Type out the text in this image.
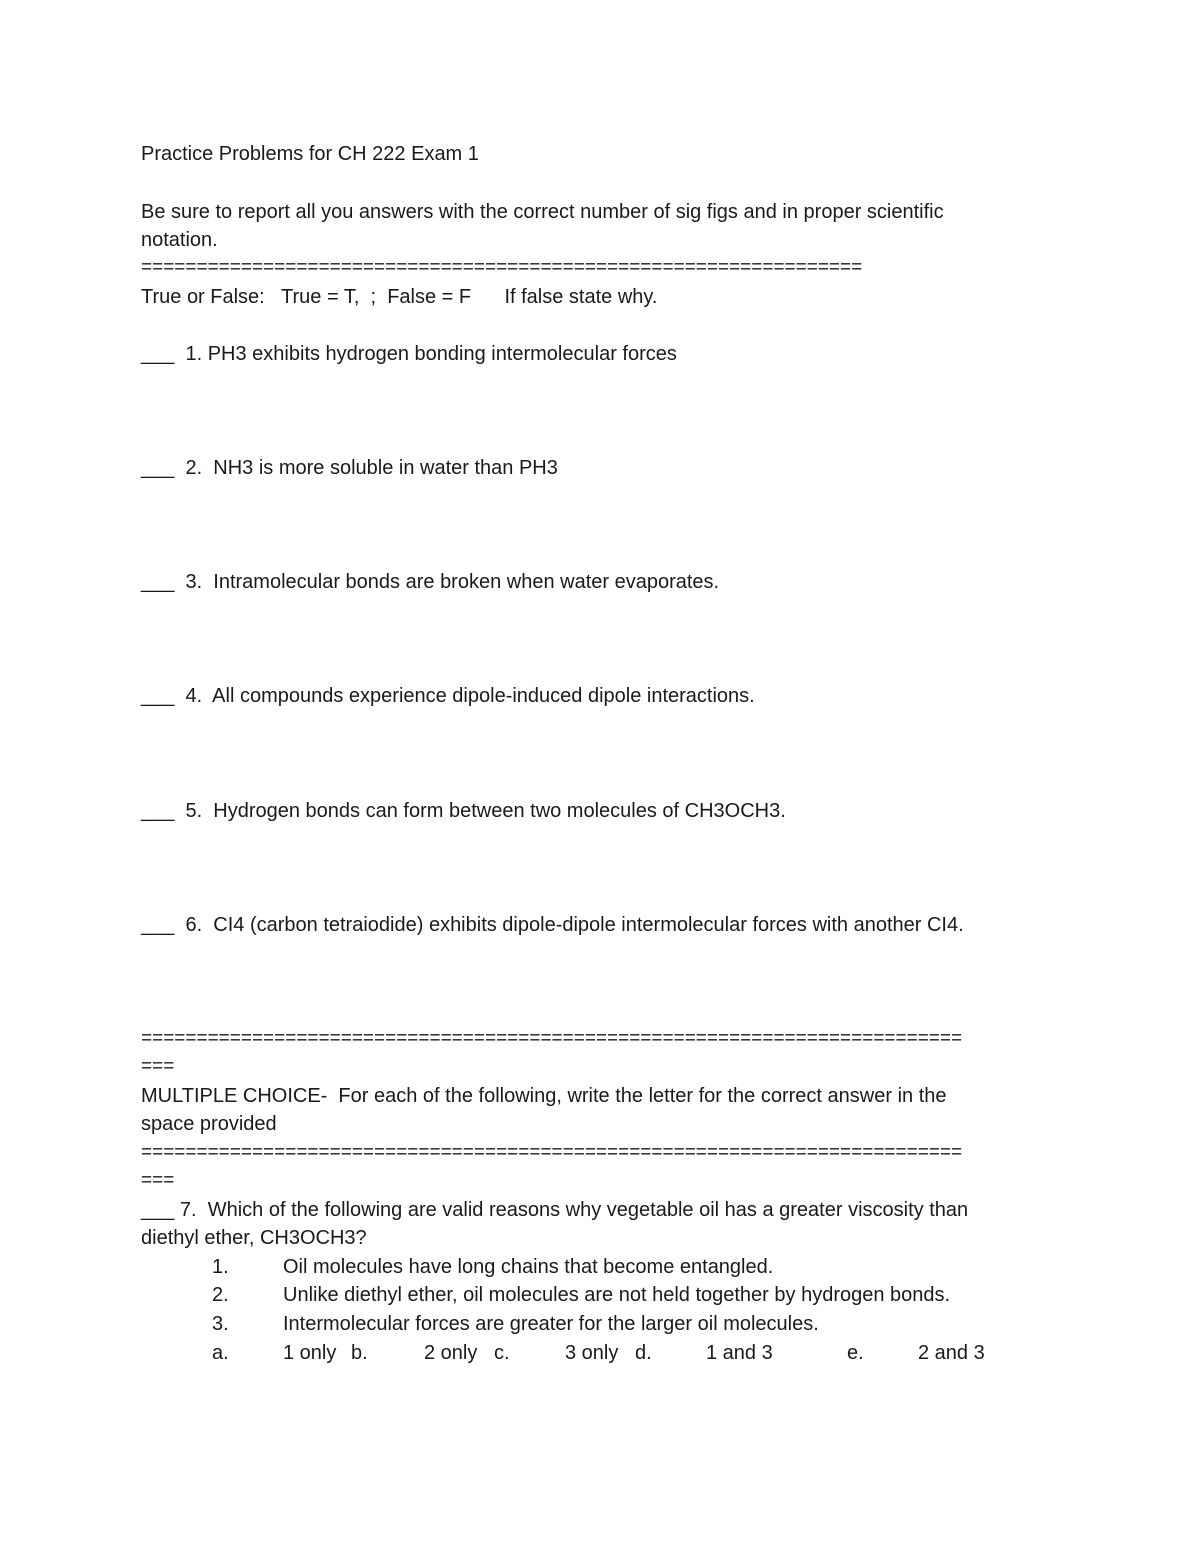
Practice Problems for CH 222 Exam 1
Be sure to report all you answers with the correct number of sig figs and in proper scientific notation.
=================================================================
True or False:   True = T,  ;  False = F      If false state why.
___  1. PH3 exhibits hydrogen bonding intermolecular forces
___  2.  NH3 is more soluble in water than PH3
___  3.  Intramolecular bonds are broken when water evaporates.
___  4.  All compounds experience dipole-induced dipole interactions.
___  5.  Hydrogen bonds can form between two molecules of CH3OCH3.
___  6.  CI4 (carbon tetraiodide) exhibits dipole-dipole intermolecular forces with another CI4.
==========================================================================
===
MULTIPLE CHOICE-  For each of the following, write the letter for the correct answer in the
space provided
==========================================================================
===
___ 7.  Which of the following are valid reasons why vegetable oil has a greater viscosity than
diethyl ether, CH3OCH3?
1.	Oil molecules have long chains that become entangled.
2.	Unlike diethyl ether, oil molecules are not held together by hydrogen bonds.
3.	Intermolecular forces are greater for the larger oil molecules.
a.	1 only b.	2 only c.	3 only d.	1 and 3	e.	2 and 3
